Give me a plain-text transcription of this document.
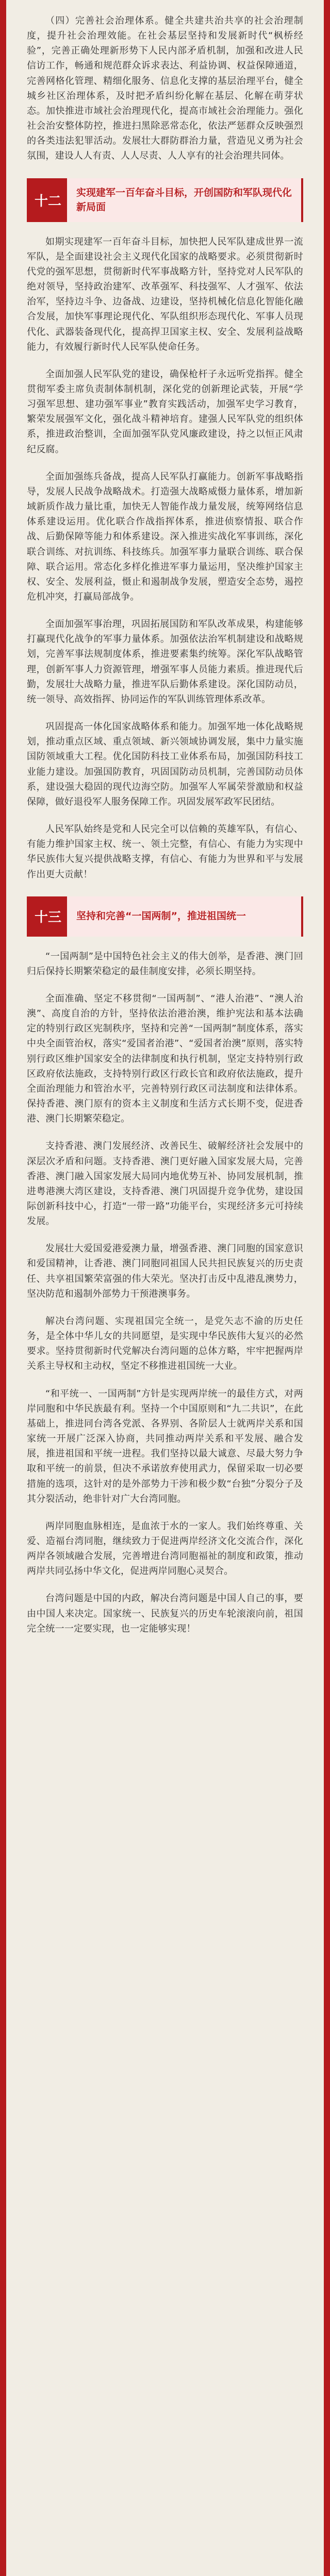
（四）完善社会治理体系。健全共建共治共享的社会治理制度，提升社会治理效能。在社会基层坚持和发展新时代“枫桥经验”，完善正确处理新形势下人民内部矛盾机制，加强和改进人民信访工作，畅通和规范群众诉求表达、利益协调、权益保障通道，完善网格化管理、精细化服务、信息化支撑的基层治理平台，健全城乡社区治理体系，及时把矛盾纠纷化解在基层、化解在萌芽状态。加快推进市域社会治理现代化，提高市域社会治理能力。强化社会治安整体防控，推进扫黑除恶常态化，依法严惩群众反映强烈的各类违法犯罪活动。发展壮大群防群治力量，营造见义勇为社会氛围，建设人人有责、人人尽责、人人享有的社会治理共同体。

十二
实现建军一百年奋斗目标，开创国防和军队现代化新局面

如期实现建军一百年奋斗目标，加快把人民军队建成世界一流军队，是全面建设社会主义现代化国家的战略要求。必须贯彻新时代党的强军思想，贯彻新时代军事战略方针，坚持党对人民军队的绝对领导，坚持政治建军、改革强军、科技强军、人才强军、依法治军，坚持边斗争、边备战、边建设，坚持机械化信息化智能化融合发展，加快军事理论现代化、军队组织形态现代化、军事人员现代化、武器装备现代化，提高捍卫国家主权、安全、发展利益战略能力，有效履行新时代人民军队使命任务。

全面加强人民军队党的建设，确保枪杆子永远听党指挥。健全贯彻军委主席负责制体制机制，深化党的创新理论武装，开展“学习强军思想、建功强军事业”教育实践活动，加强军史学习教育，繁荣发展强军文化，强化战斗精神培育。建强人民军队党的组织体系，推进政治整训，全面加强军队党风廉政建设，持之以恒正风肃纪反腐。

全面加强练兵备战，提高人民军队打赢能力。创新军事战略指导，发展人民战争战略战术。打造强大战略威慑力量体系，增加新域新质作战力量比重，加快无人智能作战力量发展，统筹网络信息体系建设运用。优化联合作战指挥体系，推进侦察情报、联合作战、后勤保障等能力和体系建设。深入推进实战化军事训练，深化联合训练、对抗训练、科技练兵。加强军事力量联合训练、联合保障、联合运用。常态化多样化推进军事力量运用，坚决维护国家主权、安全、发展利益，慑止和遏制战争发展，塑造安全态势，遏控危机冲突，打赢局部战争。

全面加强军事治理，巩固拓展国防和军队改革成果，构建能够打赢现代化战争的军事力量体系。加强依法治军机制建设和战略规划，完善军事法规制度体系，推进要素集约统筹。深化军队战略管理，创新军事人力资源管理，增强军事人员能力素质。推进现代后勤，发展壮大战略力量，推进军队后勤体系建设。深化国防动员，统一领导、高效指挥、协同运作的军队训练管理体系改革。

巩固提高一体化国家战略体系和能力。加强军地一体化战略规划，推动重点区域、重点领域、新兴领域协调发展，集中力量实施国防领域重大工程。优化国防科技工业体系布局，加强国防科技工业能力建设。加强国防教育，巩固国防动员机制，完善国防动员体系，建设强大稳固的现代边海空防。加强军人军属荣誉激励和权益保障，做好退役军人服务保障工作。巩固发展军政军民团结。

人民军队始终是党和人民完全可以信赖的英雄军队，有信心、有能力维护国家主权、统一、领土完整，有信心、有能力为实现中华民族伟大复兴提供战略支撑，有信心、有能力为世界和平与发展作出更大贡献！

十三	坚持和完善“一国两制”，推进祖国统一

“一国两制”是中国特色社会主义的伟大创举，是香港、澳门回归后保持长期繁荣稳定的最佳制度安排，必须长期坚持。

全面准确、坚定不移贯彻“一国两制”、“港人治港”、“澳人治澳”、高度自治的方针，坚持依法治港治澳，维护宪法和基本法确定的特别行政区宪制秩序，坚持和完善“一国两制”制度体系，落实中央全面管治权，落实“爱国者治港”、“爱国者治澳”原则，落实特别行政区维护国家安全的法律制度和执行机制，坚定支持特别行政区政府依法施政，支持特别行政区行政长官和政府依法施政，提升全面治理能力和管治水平，完善特别行政区司法制度和法律体系。保持香港、澳门原有的资本主义制度和生活方式长期不变，促进香港、澳门长期繁荣稳定。

支持香港、澳门发展经济、改善民生、破解经济社会发展中的深层次矛盾和问题。支持香港、澳门更好融入国家发展大局，完善香港、澳门融入国家发展大局同内地优势互补、协同发展机制，推进粤港澳大湾区建设，支持香港、澳门巩固提升竞争优势，建设国际创新科技中心，打造“一带一路”功能平台，实现经济多元可持续发展。

发展壮大爱国爱港爱澳力量，增强香港、澳门同胞的国家意识和爱国精神，让香港、澳门同胞同祖国人民共担民族复兴的历史责任、共享祖国繁荣富强的伟大荣光。坚决打击反中乱港乱澳势力，坚决防范和遏制外部势力干预港澳事务。

解决台湾问题、实现祖国完全统一，是党矢志不渝的历史任务，是全体中华儿女的共同愿望，是实现中华民族伟大复兴的必然要求。坚持贯彻新时代党解决台湾问题的总体方略，牢牢把握两岸关系主导权和主动权，坚定不移推进祖国统一大业。

“和平统一、一国两制”方针是实现两岸统一的最佳方式，对两岸同胞和中华民族最有利。坚持一个中国原则和“九二共识”，在此基础上，推进同台湾各党派、各界别、各阶层人士就两岸关系和国家统一开展广泛深入协商，共同推动两岸关系和平发展、融合发展，推进祖国和平统一进程。我们坚持以最大诚意、尽最大努力争取和平统一的前景，但决不承诺放弃使用武力，保留采取一切必要措施的选项，这针对的是外部势力干涉和极少数“台独”分裂分子及其分裂活动，绝非针对广大台湾同胞。

两岸同胞血脉相连，是血浓于水的一家人。我们始终尊重、关爱、造福台湾同胞，继续致力于促进两岸经济文化交流合作，深化两岸各领域融合发展，完善增进台湾同胞福祉的制度和政策，推动两岸共同弘扬中华文化，促进两岸同胞心灵契合。

台湾问题是中国的内政，解决台湾问题是中国人自己的事，要由中国人来决定。国家统一、民族复兴的历史车轮滚滚向前，祖国完全统一一定要实现，也一定能够实现！
